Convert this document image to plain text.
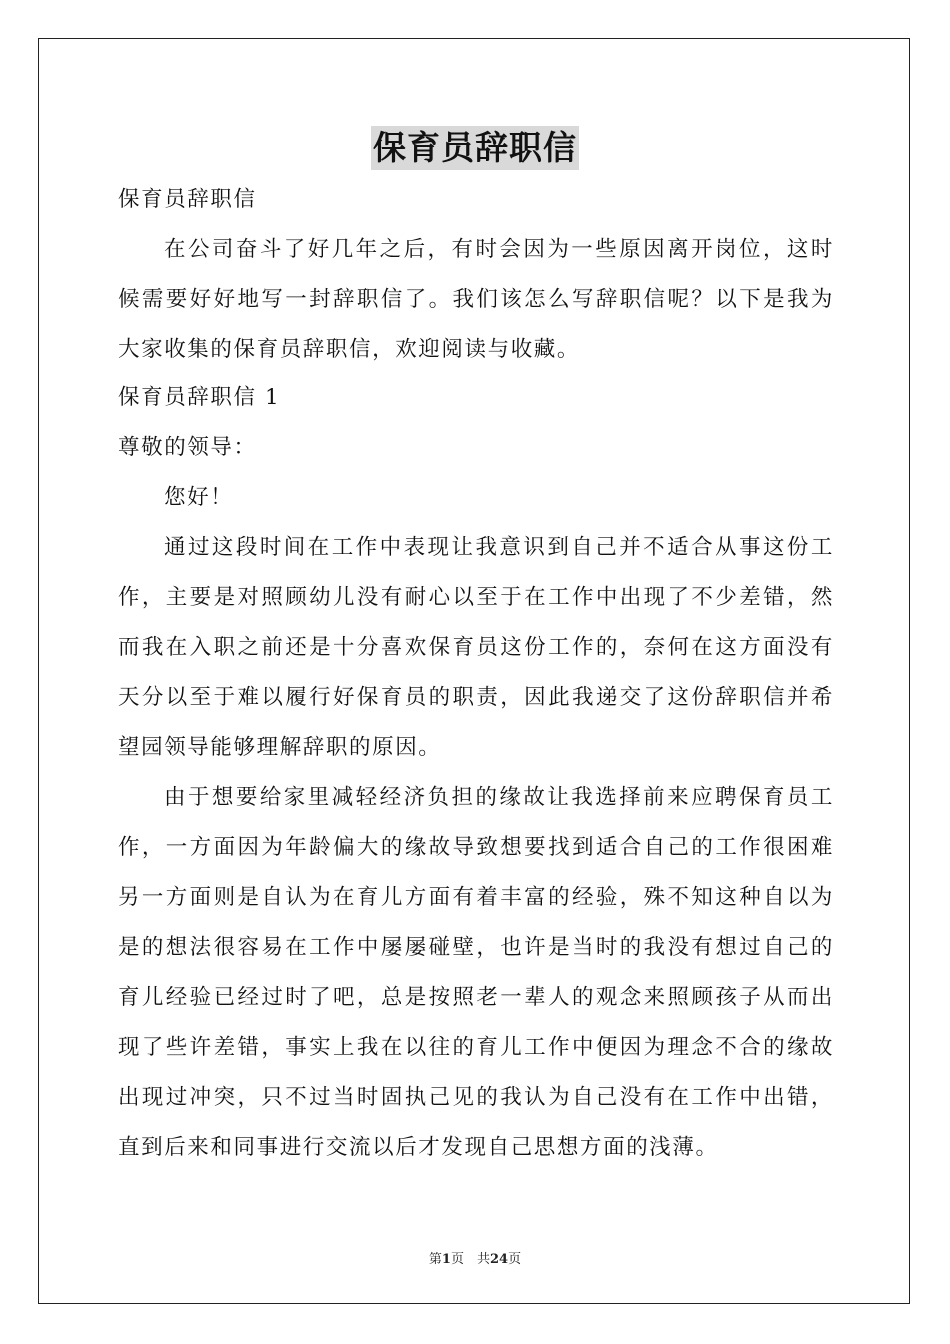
保育员辞职信
保育员辞职信
在公司奋斗了好几年之后，有时会因为一些原因离开岗位，这时
候需要好好地写一封辞职信了。我们该怎么写辞职信呢？以下是我为
大家收集的保育员辞职信，欢迎阅读与收藏。
保育员辞职信 1
尊敬的领导：
您好！
通过这段时间在工作中表现让我意识到自己并不适合从事这份工
作，主要是对照顾幼儿没有耐心以至于在工作中出现了不少差错，然
而我在入职之前还是十分喜欢保育员这份工作的，奈何在这方面没有
天分以至于难以履行好保育员的职责，因此我递交了这份辞职信并希
望园领导能够理解辞职的原因。
由于想要给家里减轻经济负担的缘故让我选择前来应聘保育员工
作，一方面因为年龄偏大的缘故导致想要找到适合自己的工作很困难
另一方面则是自认为在育儿方面有着丰富的经验，殊不知这种自以为
是的想法很容易在工作中屡屡碰壁，也许是当时的我没有想过自己的
育儿经验已经过时了吧，总是按照老一辈人的观念来照顾孩子从而出
现了些许差错，事实上我在以往的育儿工作中便因为理念不合的缘故
出现过冲突，只不过当时固执己见的我认为自己没有在工作中出错，
直到后来和同事进行交流以后才发现自己思想方面的浅薄。
第1页　共24页
